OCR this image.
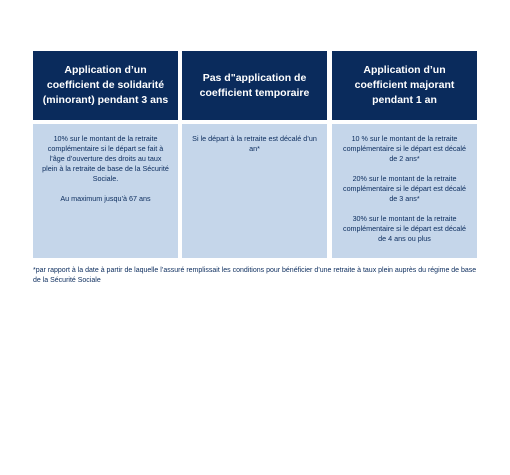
Application d’un coefficient de solidarité (minorant) pendant 3 ans

10% sur le montant de la retraite complémentaire si le départ se fait à l’âge d’ouverture des droits au taux plein à la retraite de base de la Sécurité Sociale.

Au maximum jusqu’à 67 ans

Pas d"application de coefficient temporaire

Si le départ à la retraite est décalé d’un an*

Application d’un coefficient majorant pendant 1 an

10 % sur le montant de la retraite complémentaire si le départ est décalé de 2 ans*

20% sur le montant de la retraite complémentaire si le départ est décalé de 3 ans*

30% sur le montant de la retraite complémentaire si le départ est décalé de 4 ans ou plus

*par rapport à la date à partir de laquelle l’assuré remplissait les conditions pour bénéficier d’une retraite à taux plein auprès du régime de base de la Sécurité Sociale
